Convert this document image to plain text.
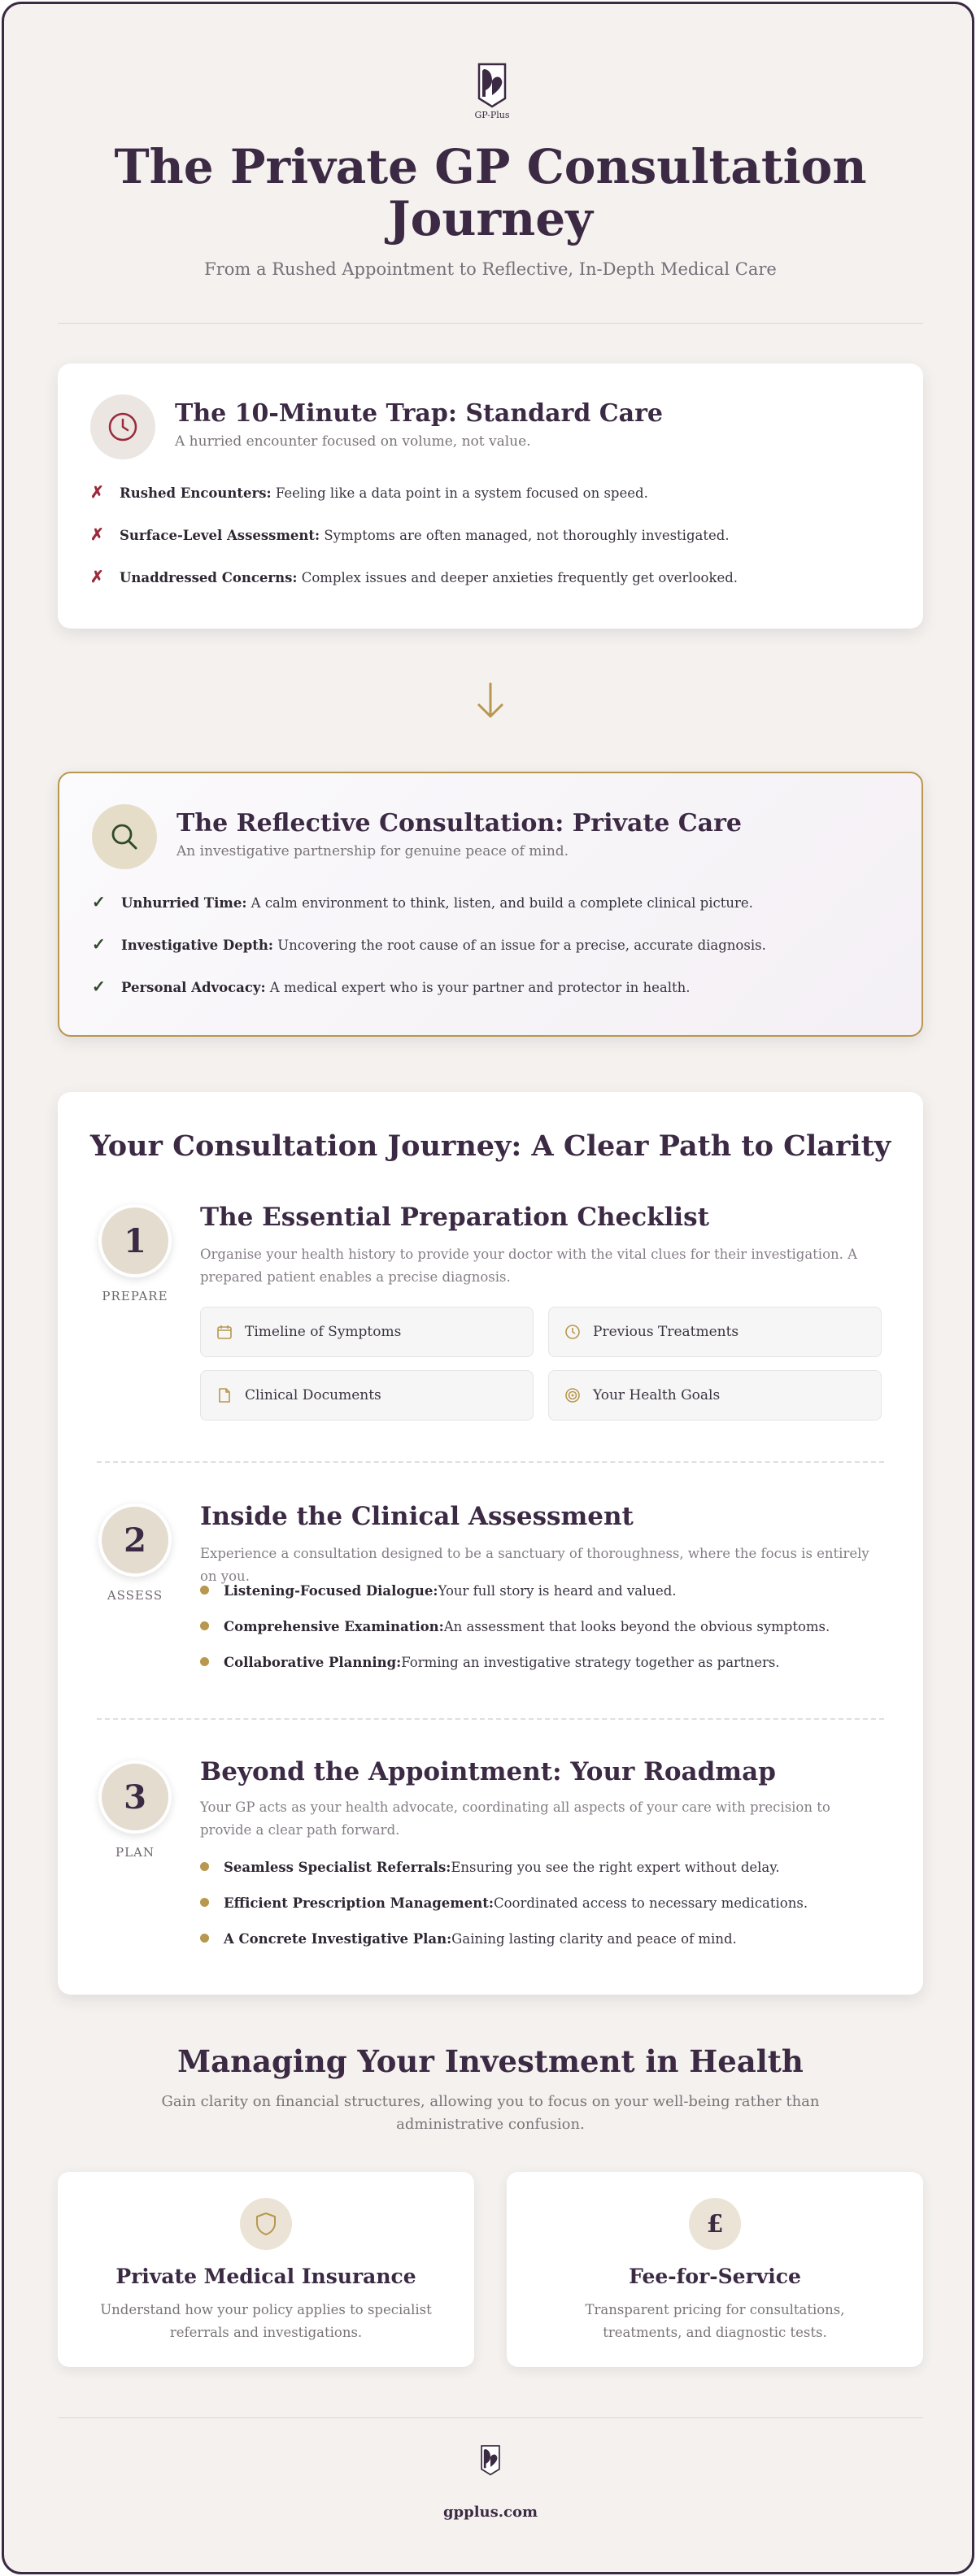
GP-Plus
The Private GP Consultation Journey
From a Rushed Appointment to Reflective, In-Depth Medical Care
The 10-Minute Trap: Standard Care
A hurried encounter focused on volume, not value.
✗ Rushed Encounters: Feeling like a data point in a system focused on speed.
✗ Surface-Level Assessment: Symptoms are often managed, not thoroughly investigated.
✗ Unaddressed Concerns: Complex issues and deeper anxieties frequently get overlooked.
The Reflective Consultation: Private Care
An investigative partnership for genuine peace of mind.
✓ Unhurried Time: A calm environment to think, listen, and build a complete clinical picture.
✓ Investigative Depth: Uncovering the root cause of an issue for a precise, accurate diagnosis.
✓ Personal Advocacy: A medical expert who is your partner and protector in health.
Your Consultation Journey: A Clear Path to Clarity
1
PREPARE
The Essential Preparation Checklist
Organise your health history to provide your doctor with the vital clues for their investigation. A prepared patient enables a precise diagnosis.
Timeline of Symptoms	Previous Treatments
Clinical Documents	Your Health Goals
2
ASSESS
Inside the Clinical Assessment
Experience a consultation designed to be a sanctuary of thoroughness, where the focus is entirely on you.
Listening-Focused Dialogue:Your full story is heard and valued.
Comprehensive Examination:An assessment that looks beyond the obvious symptoms.
Collaborative Planning:Forming an investigative strategy together as partners.
3
PLAN
Beyond the Appointment: Your Roadmap
Your GP acts as your health advocate, coordinating all aspects of your care with precision to provide a clear path forward.
Seamless Specialist Referrals:Ensuring you see the right expert without delay.
Efficient Prescription Management:Coordinated access to necessary medications.
A Concrete Investigative Plan:Gaining lasting clarity and peace of mind.
Managing Your Investment in Health
Gain clarity on financial structures, allowing you to focus on your well-being rather than administrative confusion.
Private Medical Insurance
Understand how your policy applies to specialist referrals and investigations.
£
Fee-for-Service
Transparent pricing for consultations, treatments, and diagnostic tests.
gpplus.com
